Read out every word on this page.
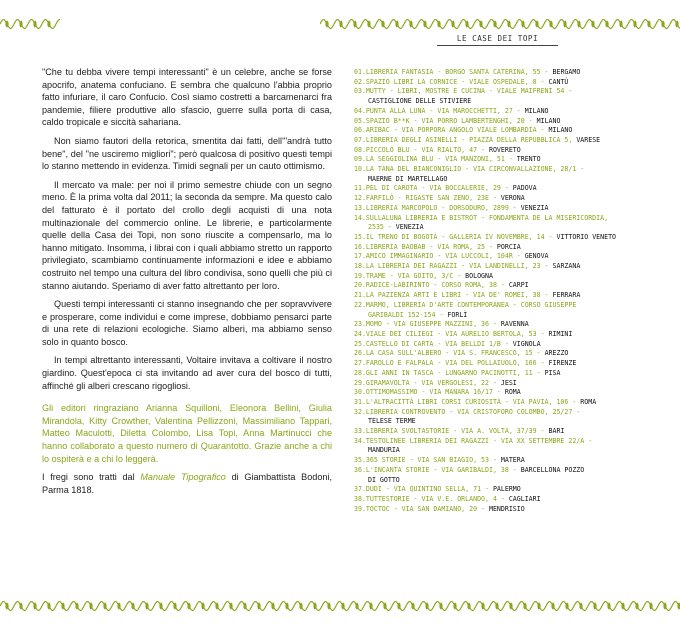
"Che tu debba vivere tempi interessanti" è un celebre, anche se forse apocrifo, anatema confuciano. E sembra che qualcuno l'abbia proprio fatto infuriare, il caro Confucio. Così siamo costretti a barcamenarci fra pandemie, filiere produttive allo sfascio, guerre sulla porta di casa, caldo tropicale e siccità sahariana.

Non siamo fautori della retorica, smentita dai fatti, dell'"andrà tutto bene", del "ne usciremo migliori"; però qualcosa di positivo questi tempi lo stanno mettendo in evidenza. Timidi segnali per un cauto ottimismo.

Il mercato va male: per noi il primo semestre chiude con un segno meno. È la prima volta dal 2011; la seconda da sempre. Ma questo calo del fatturato è il portato del crollo degli acquisti di una nota multinazionale del commercio online. Le librerie, e particolarmente quelle della Casa dei Topi, non sono riuscite a compensarlo, ma lo hanno mitigato. Insomma, i librai con i quali abbiamo stretto un rapporto privilegiato, scambiamo continuamente informazioni e idee e abbiamo costruito nel tempo una cultura del libro condivisa, sono quelli che più ci stanno aiutando. Speriamo di aver fatto altrettanto per loro.

Questi tempi interessanti ci stanno insegnando che per sopravvivere e prosperare, come individui e come imprese, dobbiamo pensarci parte di una rete di relazioni ecologiche. Siamo alberi, ma abbiamo senso solo in quanto bosco.

In tempi altrettanto interessanti, Voltaire invitava a coltivare il nostro giardino. Quest'epoca ci sta invitando ad aver cura del bosco di tutti, affinché gli alberi crescano rigogliosi.

Gli editori ringraziano Arianna Squilloni, Eleonora Bellini, Giulia Mirandola, Kitty Crowther, Valentina Pellizzoni, Massimiliano Tappari, Matteo Maculotti, Diletta Colombo, Lisa Topi, Anna Martinucci che hanno collaborato a questo numero di Quarantotto. Grazie anche a chi lo ospiterà e a chi lo leggerà.

I fregi sono tratti dal Manuale Tipografico di Giambattista Bodoni, Parma 1818.

LE CASE DEI TOPI
01.LIBRERIA FANTASIA - BORGO SANTA CATERINA, 55 - BERGAMO
02.SPAZIO LIBRI LA CORNICE - VIALE OSPEDALE, 8 - CANTÙ
03.MUTTY - LIBRI, MOSTRE E CUCINA - VIALE MAIFRENI 54 -
CASTIGLIONE DELLE STIVIERE
04.PUNTA ALLA LUNA - VIA MAROCCHETTI, 27 - MILANO
05.SPAZIO B**K - VIA PORRO LAMBERTENGHI, 20 - MILANO
06.ARIBAC - VIA PORPORA ANGOLO VIALE LOMBARDIA - MILANO
07.LIBRERIA DEGLI ASINELLI - PIAZZA DELLA REPUBBLICA 5, VARESE
08.PICCOLO BLU - VIA RIALTO, 47 - ROVERETO
09.LA SEGGIOLINA BLU - VIA MANZONI, 51 - TRENTO
10.LA TANA DEL BIANCONIGLIO - VIA CIRCONVALLAZIONE, 28/1 -
MAERNE DI MARTELLAGO
11.PEL DI CAROTA - VIA BOCCALERIE, 29 - PADOVA
12.FARFILÒ - RIGASTE SAN ZENO, 23E - VERONA
13.LIBRERIA MARCOPOLO - DORSODURO, 2899 - VENEZIA
14.SULLALUNA LIBRERIA E BISTROT - FONDAMENTA DE LA MISERICORDIA,
2535 - VENEZIA
15.IL TRENO DI BOGOTÀ - GALLERIA IV NOVEMBRE, 14 - VITTORIO VENETO
16.LIBRERIA BAOBAB - VIA ROMA, 25 - PORCIA
17.AMICO IMMAGINARIO - VIA LUCCOLI, 104R - GENOVA
18.LA LIBRERIA DEI RAGAZZI - VIA LANDINELLI, 23 - SARZANA
19.TRAME - VIA GOITO, 3/C - BOLOGNA
20.RADICE-LABIRINTO - CORSO ROMA, 38 - CARPI
21.LA PAZIENZA ARTI E LIBRI - VIA DE' ROMEI, 38 - FERRARA
22.MARMO, LIBRERIA D'ARTE CONTEMPORANEA - CORSO GIUSEPPE
GARIBALDI 152-154 - FORLÌ
23.MOMO - VIA GIUSEPPE MAZZINI, 36 - RAVENNA
24.VIALE DEI CILIEGI - VIA AURELIO BERTOLA, 53 - RIMINI
25.CASTELLO DI CARTA - VIA BELLDI 1/B - VIGNOLA
26.LA CASA SULL'ALBERO - VIA S. FRANCESCO, 15 - AREZZO
27.FAROLLO E FALPALA - VIA DEL POLLAIUOLO, 166 - FIRENZE
28.GLI ANNI IN TASCA - LUNGARNO PACINOTTI, 11 - PISA
29.GIRAMAVOLTA - VIA VERGOLESI, 22 - JESI
30.OTTIMOMASSIMO - VIA MANARA 16/17 - ROMA
31.L'ALTRACITTÀ LIBRI CORSI CURIOSITÀ - VIA PAVIA, 106 - ROMA
32.LIBRERIA CONTROVENTO - VIA CRISTOFORO COLOMBO, 25/27 -
TELESE TERME
33.LIBRERIA SVOLTASTORIE - VIA A. VOLTA, 37/39 - BARI
34.TESTOLINEE LIBRERIA DEI RAGAZZI - VIA XX SETTEMBRE 22/A -
MANDURIA
35.365 STORIE - VIA SAN BIAGIO, 53 - MATERA
36.L'INCANTA STORIE - VIA GARIBALDI, 38 - BARCELLONA POZZO
DI GOTTO
37.DUDI - VIA QUINTINO SELLA, 71 - PALERMO
38.TUTTESTORIE - VIA V.E. ORLANDO, 4 - CAGLIARI
39.TOCTOC - VIA SAN DAMIANO, 20 - MENDRISIO
